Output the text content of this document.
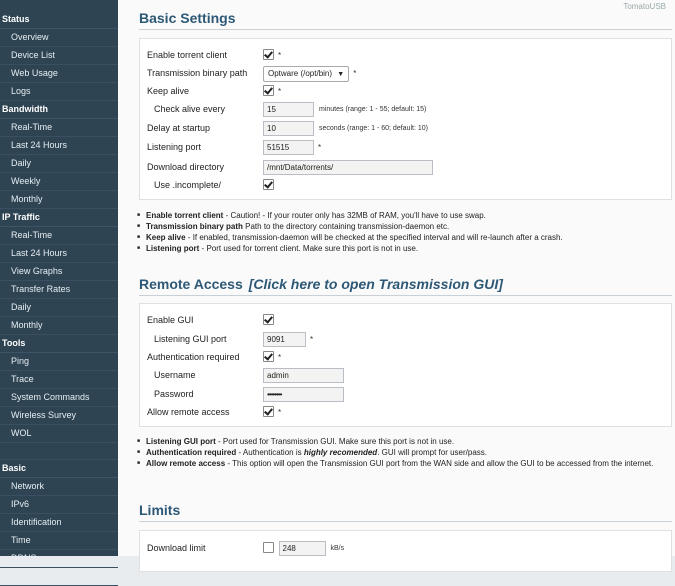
Status
Overview
Device List
Web Usage
Logs
Bandwidth
Real-Time
Last 24 Hours
Daily
Weekly
Monthly
IP Traffic
Real-Time
Last 24 Hours
View Graphs
Transfer Rates
Daily
Monthly
Tools
Ping
Trace
System Commands
Wireless Survey
WOL
Basic
Network
IPv6
Identification
Time
DDNS
Static DHCP/ARP/IPT
TomatoUSB
Basic Settings
Enable torrent client	*
Transmission binary path	Optware (/opt/bin) ▼ *
Keep alive	*
Check alive every	15	minutes (range: 1 - 55; default: 15)
Delay at startup	10	seconds (range: 1 - 60; default: 10)
Listening port	51515	*
Download directory	/mnt/Data/torrents/
Use .incomplete/
■ Enable torrent client - Caution! - If your router only has 32MB of RAM, you'll have to use swap.
■ Transmission binary path Path to the directory containing transmission-daemon etc.
■ Keep alive - If enabled, transmission-daemon will be checked at the specified interval and will re-launch after a crash.
■ Listening port - Port used for torrent client. Make sure this port is not in use.
Remote Access [Click here to open Transmission GUI]
Enable GUI
Listening GUI port	9091	*
Authentication required	*
Username	admin
Password	••••••••
Allow remote access	*
■ Listening GUI port - Port used for Transmission GUI. Make sure this port is not in use.
■ Authentication required - Authentication is highly recomended. GUI will prompt for user/pass.
■ Allow remote access - This option will open the Transmission GUI port from the WAN side and allow the GUI to be accessed from the internet.
Limits
Download limit	248	kB/s
